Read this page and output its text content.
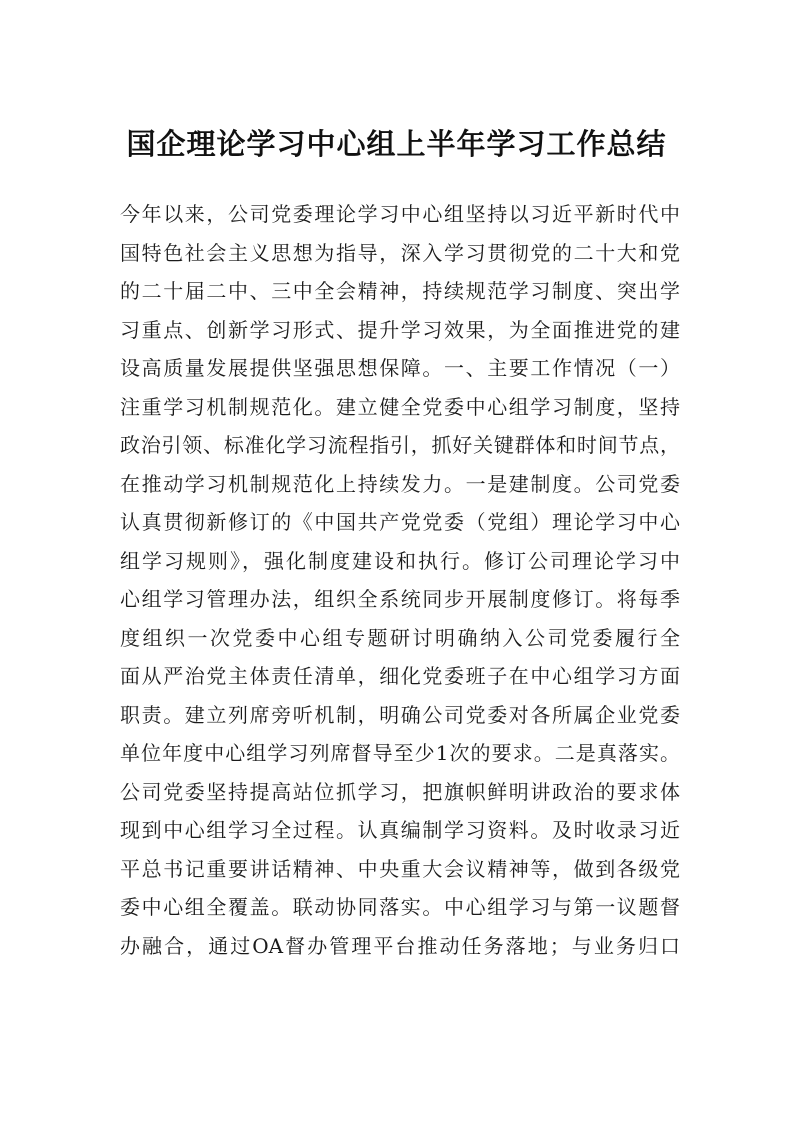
国企理论学习中心组上半年学习工作总结
今年以来，公司党委理论学习中心组坚持以习近平新时代中
国特色社会主义思想为指导，深入学习贯彻党的二十大和党
的二十届二中、三中全会精神，持续规范学习制度、突出学
习重点、创新学习形式、提升学习效果，为全面推进党的建
设高质量发展提供坚强思想保障。一、主要工作情况（一）
注重学习机制规范化。建立健全党委中心组学习制度，坚持
政治引领、标准化学习流程指引，抓好关键群体和时间节点，
在推动学习机制规范化上持续发力。一是建制度。公司党委
认真贯彻新修订的《中国共产党党委（党组）理论学习中心
组学习规则》，强化制度建设和执行。修订公司理论学习中
心组学习管理办法，组织全系统同步开展制度修订。将每季
度组织一次党委中心组专题研讨明确纳入公司党委履行全
面从严治党主体责任清单，细化党委班子在中心组学习方面
职责。建立列席旁听机制，明确公司党委对各所属企业党委
单位年度中心组学习列席督导至少1次的要求。二是真落实。
公司党委坚持提高站位抓学习，把旗帜鲜明讲政治的要求体
现到中心组学习全过程。认真编制学习资料。及时收录习近
平总书记重要讲话精神、中央重大会议精神等，做到各级党
委中心组全覆盖。联动协同落实。中心组学习与第一议题督
办融合，通过OA督办管理平台推动任务落地；与业务归口
